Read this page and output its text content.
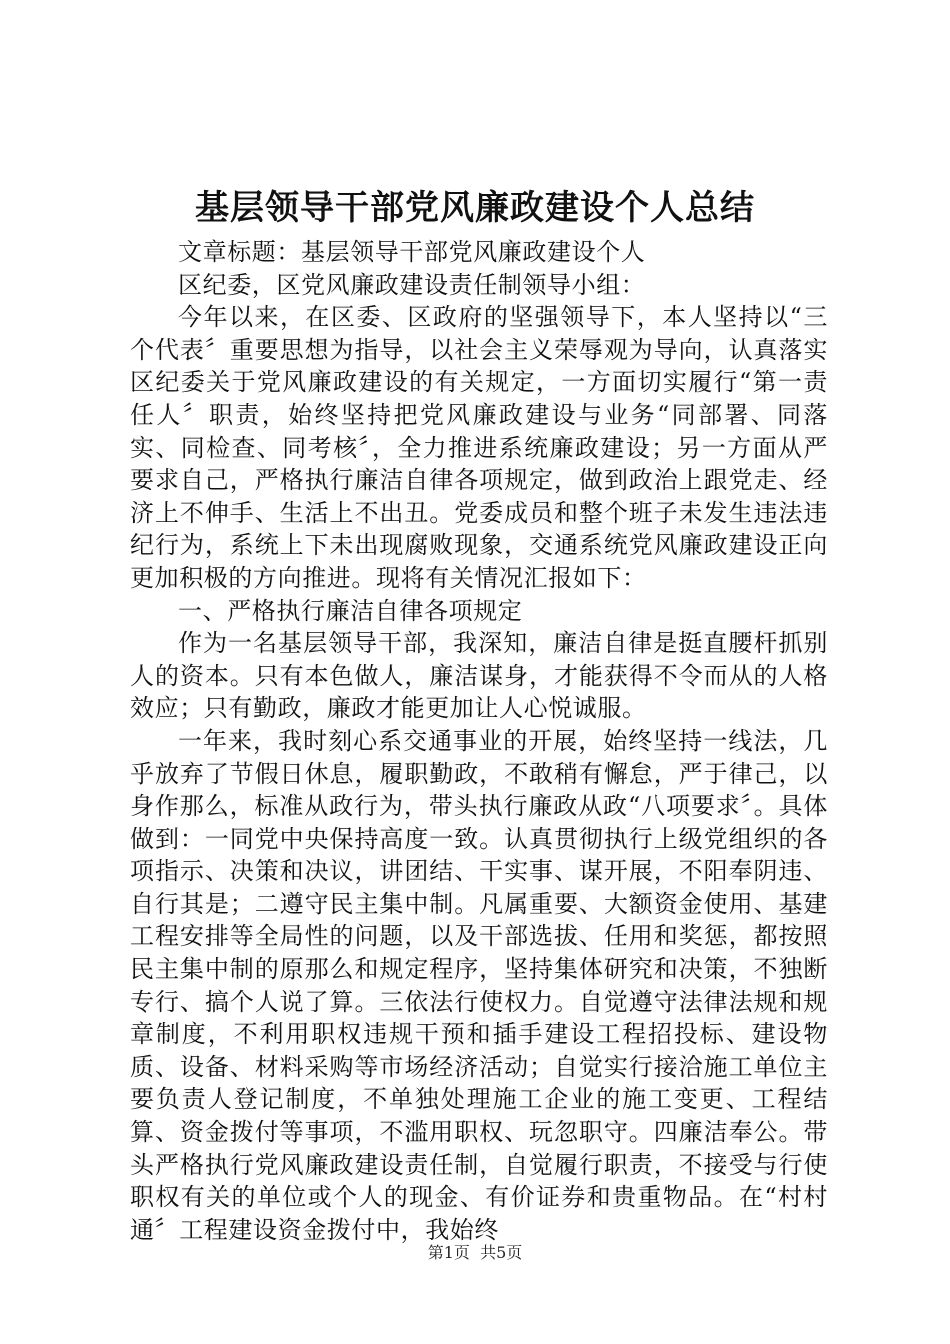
基层领导干部党风廉政建设个人总结

文章标题：基层领导干部党风廉政建设个人

区纪委，区党风廉政建设责任制领导小组：

今年以来，在区委、区政府的坚强领导下，本人坚持以“三个代表〞重要思想为指导，以社会主义荣辱观为导向，认真落实区纪委关于党风廉政建设的有关规定，一方面切实履行“第一责任人〞职责，始终坚持把党风廉政建设与业务“同部署、同落实、同检查、同考核〞，全力推进系统廉政建设；另一方面从严要求自己，严格执行廉洁自律各项规定，做到政治上跟党走、经济上不伸手、生活上不出丑。党委成员和整个班子未发生违法违纪行为，系统上下未出现腐败现象，交通系统党风廉政建设正向更加积极的方向推进。现将有关情况汇报如下：

一、严格执行廉洁自律各项规定

作为一名基层领导干部，我深知，廉洁自律是挺直腰杆抓别人的资本。只有本色做人，廉洁谋身，才能获得不令而从的人格效应；只有勤政，廉政才能更加让人心悦诚服。

一年来，我时刻心系交通事业的开展，始终坚持一线法，几乎放弃了节假日休息，履职勤政，不敢稍有懈怠，严于律己，以身作那么，标准从政行为，带头执行廉政从政“八项要求〞。具体做到：一同党中央保持高度一致。认真贯彻执行上级党组织的各项指示、决策和决议，讲团结、干实事、谋开展，不阳奉阴违、自行其是；二遵守民主集中制。凡属重要、大额资金使用、基建工程安排等全局性的问题，以及干部选拔、任用和奖惩，都按照民主集中制的原那么和规定程序，坚持集体研究和决策，不独断专行、搞个人说了算。三依法行使权力。自觉遵守法律法规和规章制度，不利用职权违规干预和插手建设工程招投标、建设物质、设备、材料采购等市场经济活动；自觉实行接洽施工单位主要负责人登记制度，不单独处理施工企业的施工变更、工程结算、资金拨付等事项，不滥用职权、玩忽职守。四廉洁奉公。带头严格执行党风廉政建设责任制，自觉履行职责，不接受与行使职权有关的单位或个人的现金、有价证券和贵重物品。在“村村通〞工程建设资金拨付中，我始终

第1页 共5页
